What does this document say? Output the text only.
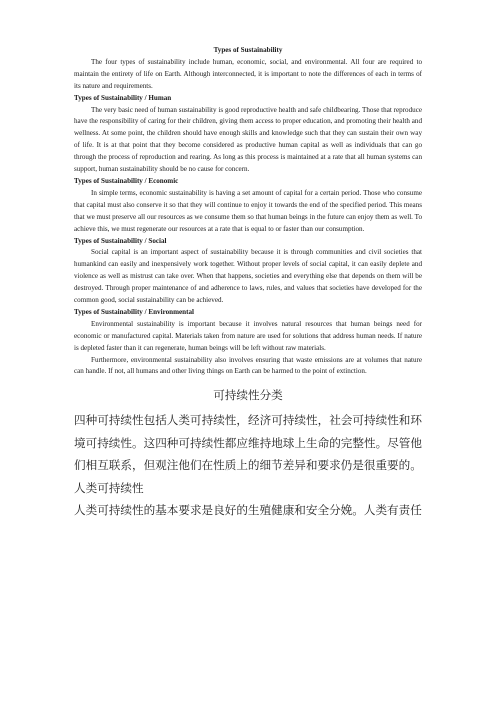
Types of Sustainability

The four types of sustainability include human, economic, social, and environmental. All four are required to maintain the entirety of life on Earth. Although interconnected, it is important to note the differences of each in terms of its nature and requirements.

Types of Sustainability / Human

The very basic need of human sustainability is good reproductive health and safe childbearing. Those that reproduce have the responsibility of caring for their children, giving them access to proper education, and promoting their health and wellness. At some point, the children should have enough skills and knowledge such that they can sustain their own way of life. It is at that point that they become considered as productive human capital as well as individuals that can go through the process of reproduction and rearing. As long as this process is maintained at a rate that all human systems can support, human sustainability should be no cause for concern.

Types of Sustainability / Economic

In simple terms, economic sustainability is having a set amount of capital for a certain period. Those who consume that capital must also conserve it so that they will continue to enjoy it towards the end of the specified period. This means that we must preserve all our resources as we consume them so that human beings in the future can enjoy them as well. To achieve this, we must regenerate our resources at a rate that is equal to or faster than our consumption.

Types of Sustainability / Social

Social capital is an important aspect of sustainability because it is through communities and civil societies that humankind can easily and inexpensively work together. Without proper levels of social capital, it can easily deplete and violence as well as mistrust can take over. When that happens, societies and everything else that depends on them will be destroyed. Through proper maintenance of and adherence to laws, rules, and values that societies have developed for the common good, social sustainability can be achieved.

Types of Sustainability / Environmental

Environmental sustainability is important because it involves natural resources that human beings need for economic or manufactured capital. Materials taken from nature are used for solutions that address human needs. If nature is depleted faster than it can regenerate, human beings will be left without raw materials.

Furthermore, environmental sustainability also involves ensuring that waste emissions are at volumes that nature can handle. If not, all humans and other living things on Earth can be harmed to the point of extinction.

可持续性分类

四种可持续性包括人类可持续性，经济可持续性，社会可持续性和环境可持续性。这四种可持续性都应维持地球上生命的完整性。尽管他们相互联系，但观注他们在性质上的细节差异和要求仍是很重要的。

人类可持续性

人类可持续性的基本要求是良好的生殖健康和安全分娩。人类有责任
